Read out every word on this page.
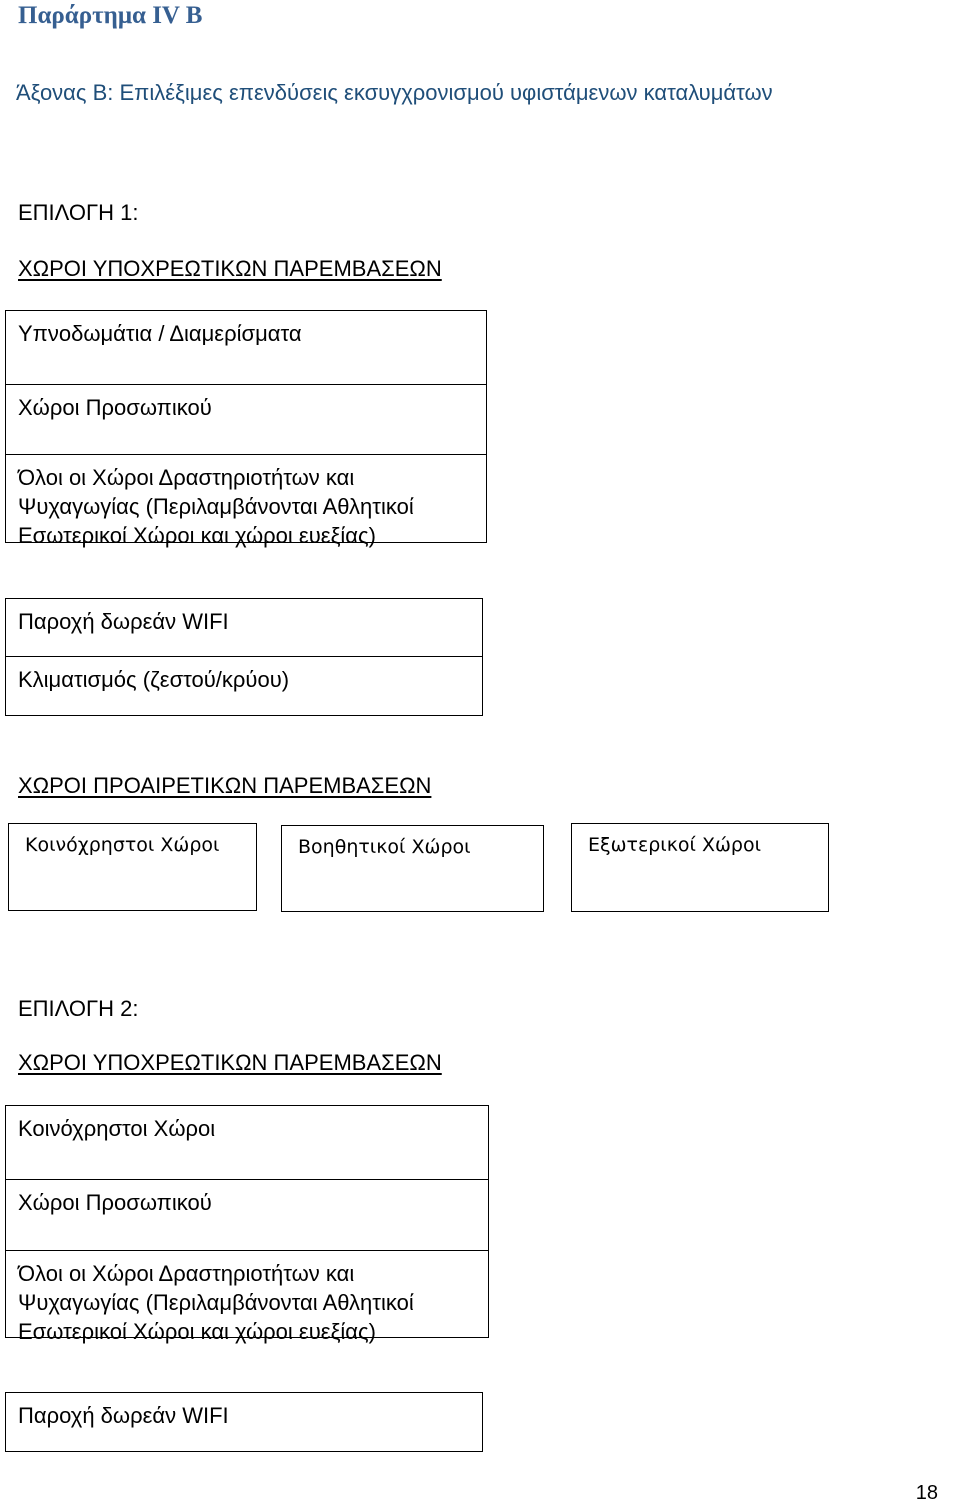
Παράρτημα IV B

Άξονας Β: Επιλέξιμες επενδύσεις εκσυγχρονισμού υφιστάμενων καταλυμάτων

ΕΠΙΛΟΓΗ 1:

ΧΩΡΟΙ ΥΠΟΧΡΕΩΤΙΚΩΝ ΠΑΡΕΜΒΑΣΕΩΝ

Υπνοδωμάτια / Διαμερίσματα
Χώροι Προσωπικού
Όλοι οι Χώροι Δραστηριοτήτων και Ψυχαγωγίας (Περιλαμβάνονται Αθλητικοί Εσωτερικοί Χώροι και χώροι ευεξίας)
Παροχή δωρεάν WIFI
Κλιματισμός (ζεστού/κρύου)

ΧΩΡΟΙ ΠΡΟΑΙΡΕΤΙΚΩΝ ΠΑΡΕΜΒΑΣΕΩΝ

Κοινόχρηστοι Χώροι	Βοηθητικοί Χώροι	Εξωτερικοί Χώροι

ΕΠΙΛΟΓΗ 2:

ΧΩΡΟΙ ΥΠΟΧΡΕΩΤΙΚΩΝ ΠΑΡΕΜΒΑΣΕΩΝ

Κοινόχρηστοι Χώροι
Χώροι Προσωπικού
Όλοι οι Χώροι Δραστηριοτήτων και Ψυχαγωγίας (Περιλαμβάνονται Αθλητικοί Εσωτερικοί Χώροι και χώροι ευεξίας)
Παροχή δωρεάν WIFI

18
